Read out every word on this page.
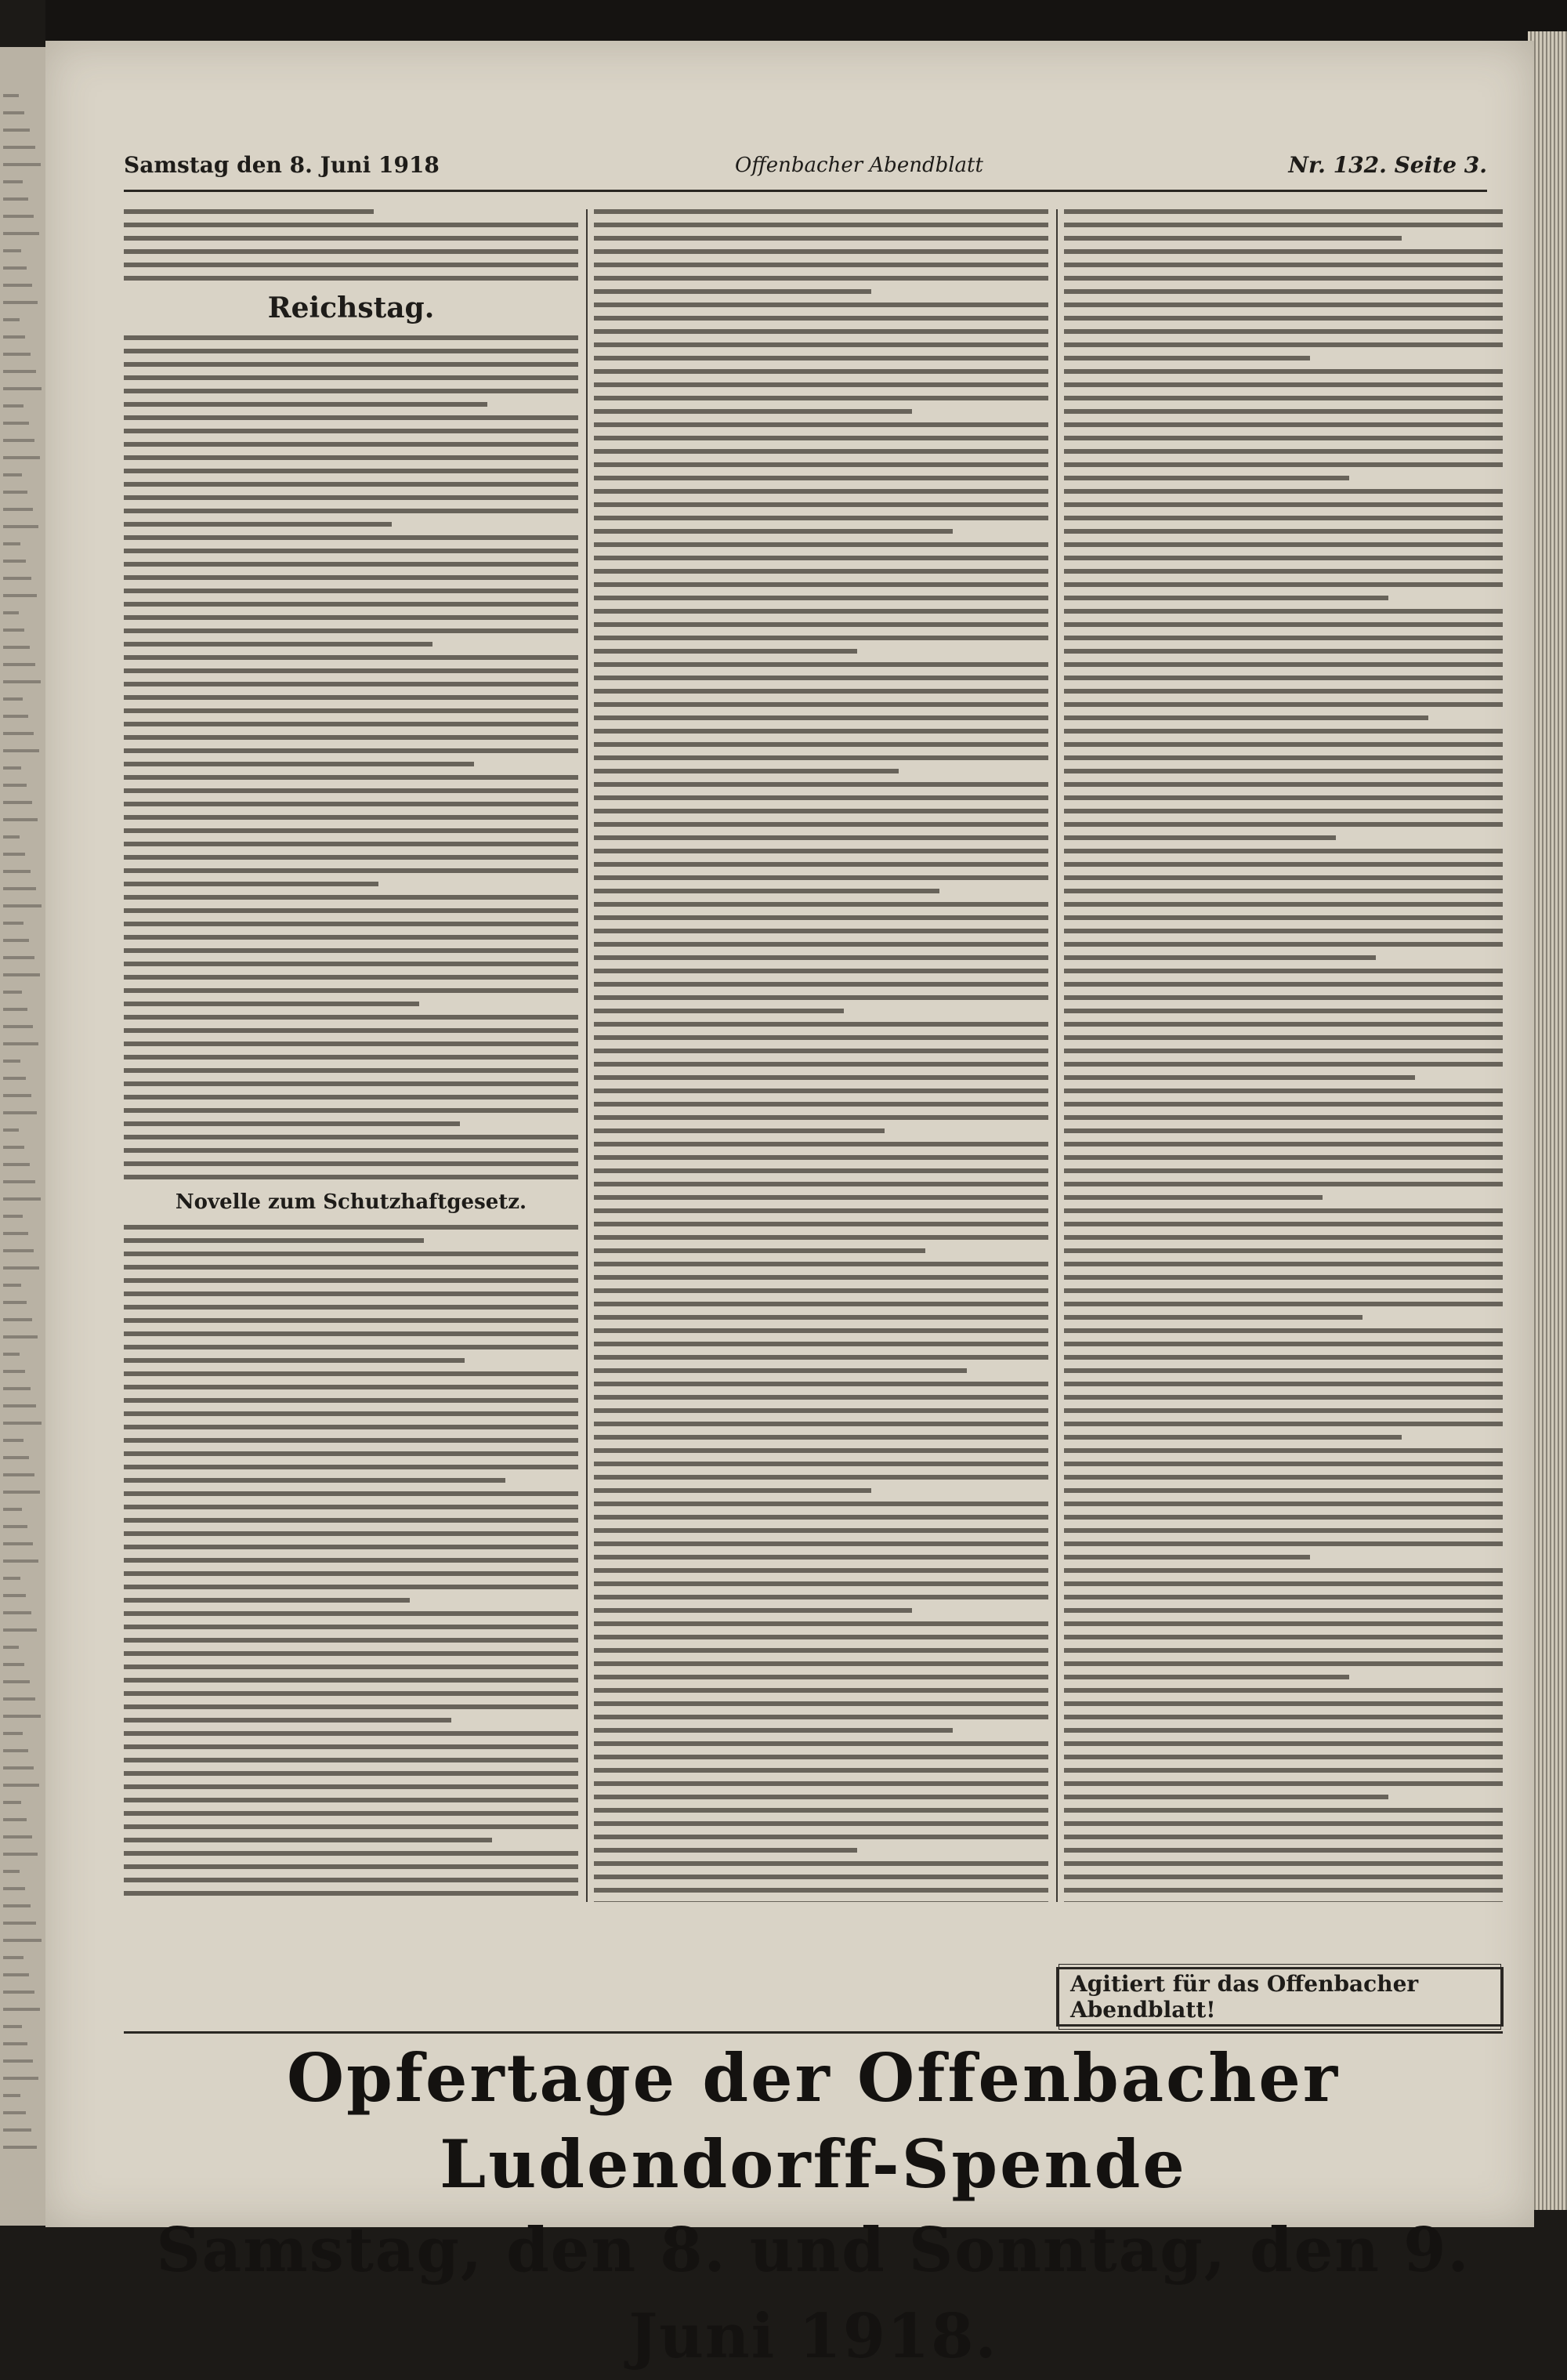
Samstag den 8. Juni 1918	Offenbacher Abendblatt	Nr. 132. Seite 3.
Reichstag.
Novelle zum Schutzhaftgesetz.
Agitiert für das Offenbacher Abendblatt!
Opfertage der Offenbacher Ludendorff-Spende
Samstag, den 8. und Sonntag, den 9. Juni 1918.
